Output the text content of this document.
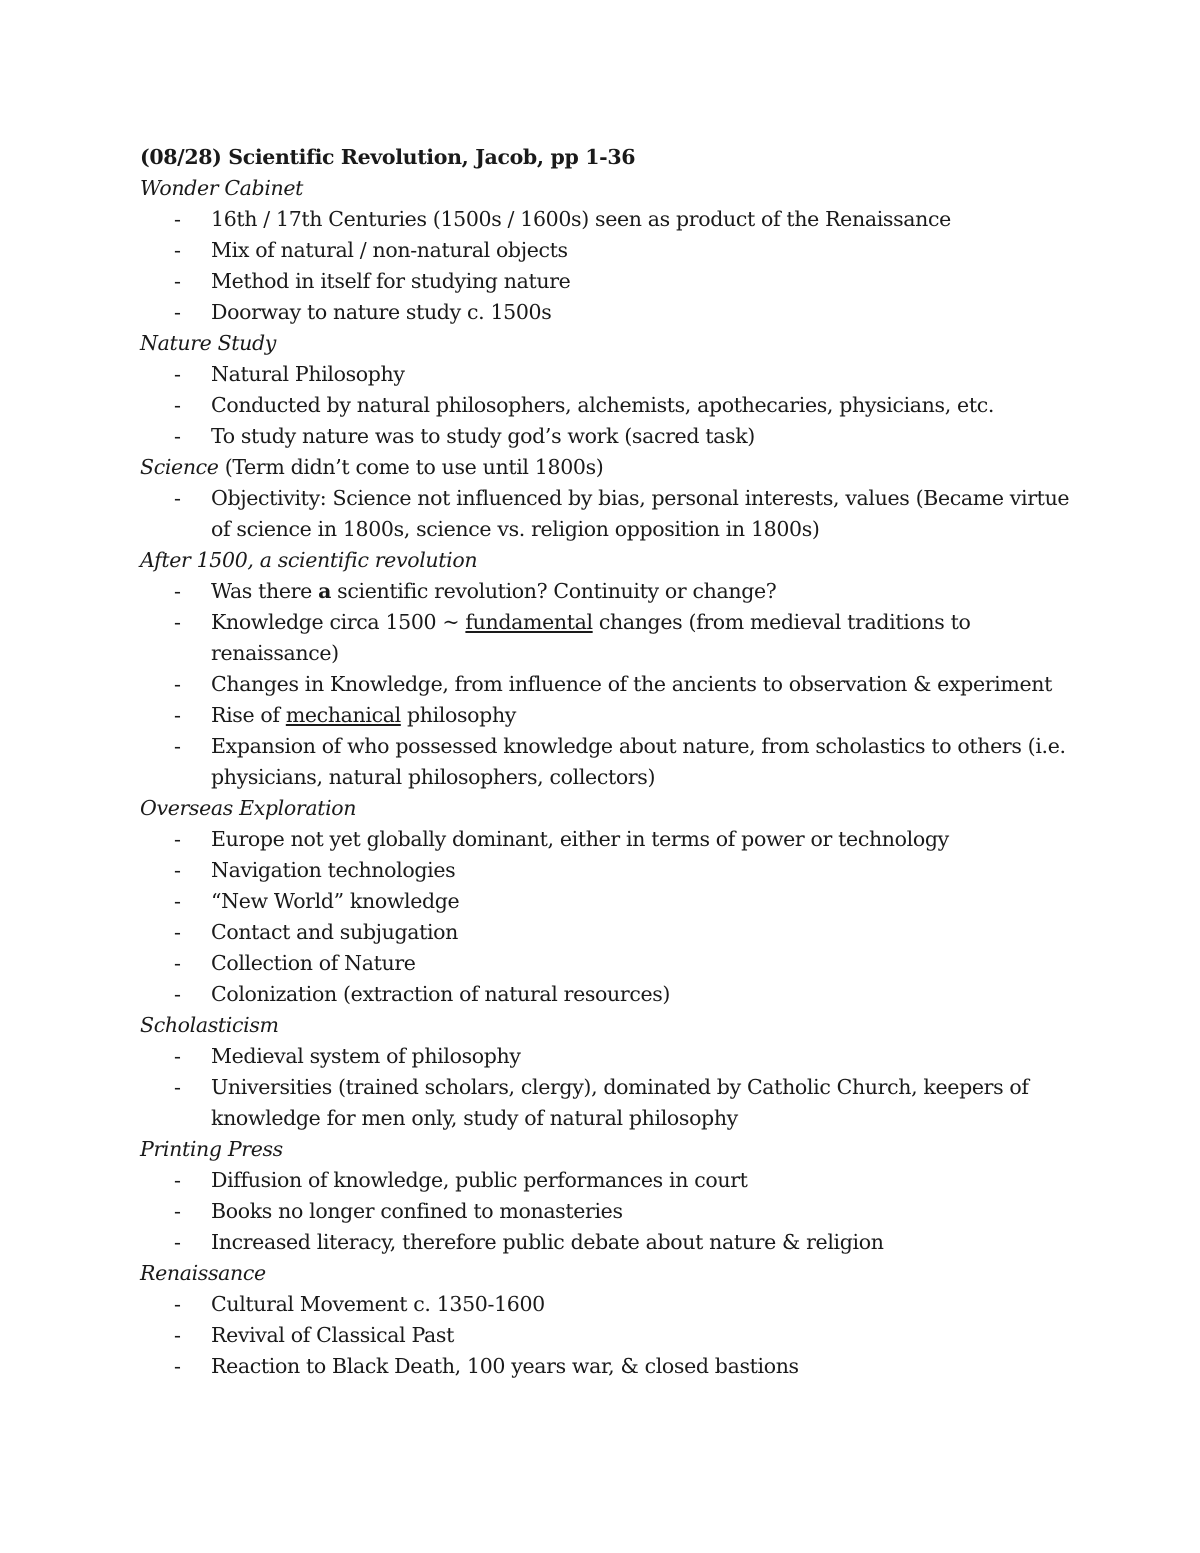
(08/28) Scientific Revolution, Jacob, pp 1-36
Wonder Cabinet
- 16th / 17th Centuries (1500s / 1600s) seen as product of the Renaissance
- Mix of natural / non-natural objects
- Method in itself for studying nature
- Doorway to nature study c. 1500s
Nature Study
- Natural Philosophy
- Conducted by natural philosophers, alchemists, apothecaries, physicians, etc.
- To study nature was to study god’s work (sacred task)
Science (Term didn’t come to use until 1800s)
- Objectivity: Science not influenced by bias, personal interests, values (Became virtue of science in 1800s, science vs. religion opposition in 1800s)
After 1500, a scientific revolution
- Was there a scientific revolution? Continuity or change?
- Knowledge circa 1500 ~ fundamental changes (from medieval traditions to renaissance)
- Changes in Knowledge, from influence of the ancients to observation & experiment
- Rise of mechanical philosophy
- Expansion of who possessed knowledge about nature, from scholastics to others (i.e. physicians, natural philosophers, collectors)
Overseas Exploration
- Europe not yet globally dominant, either in terms of power or technology
- Navigation technologies
- “New World” knowledge
- Contact and subjugation
- Collection of Nature
- Colonization (extraction of natural resources)
Scholasticism
- Medieval system of philosophy
- Universities (trained scholars, clergy), dominated by Catholic Church, keepers of knowledge for men only, study of natural philosophy
Printing Press
- Diffusion of knowledge, public performances in court
- Books no longer confined to monasteries
- Increased literacy, therefore public debate about nature & religion
Renaissance
- Cultural Movement c. 1350-1600
- Revival of Classical Past
- Reaction to Black Death, 100 years war, & closed bastions
